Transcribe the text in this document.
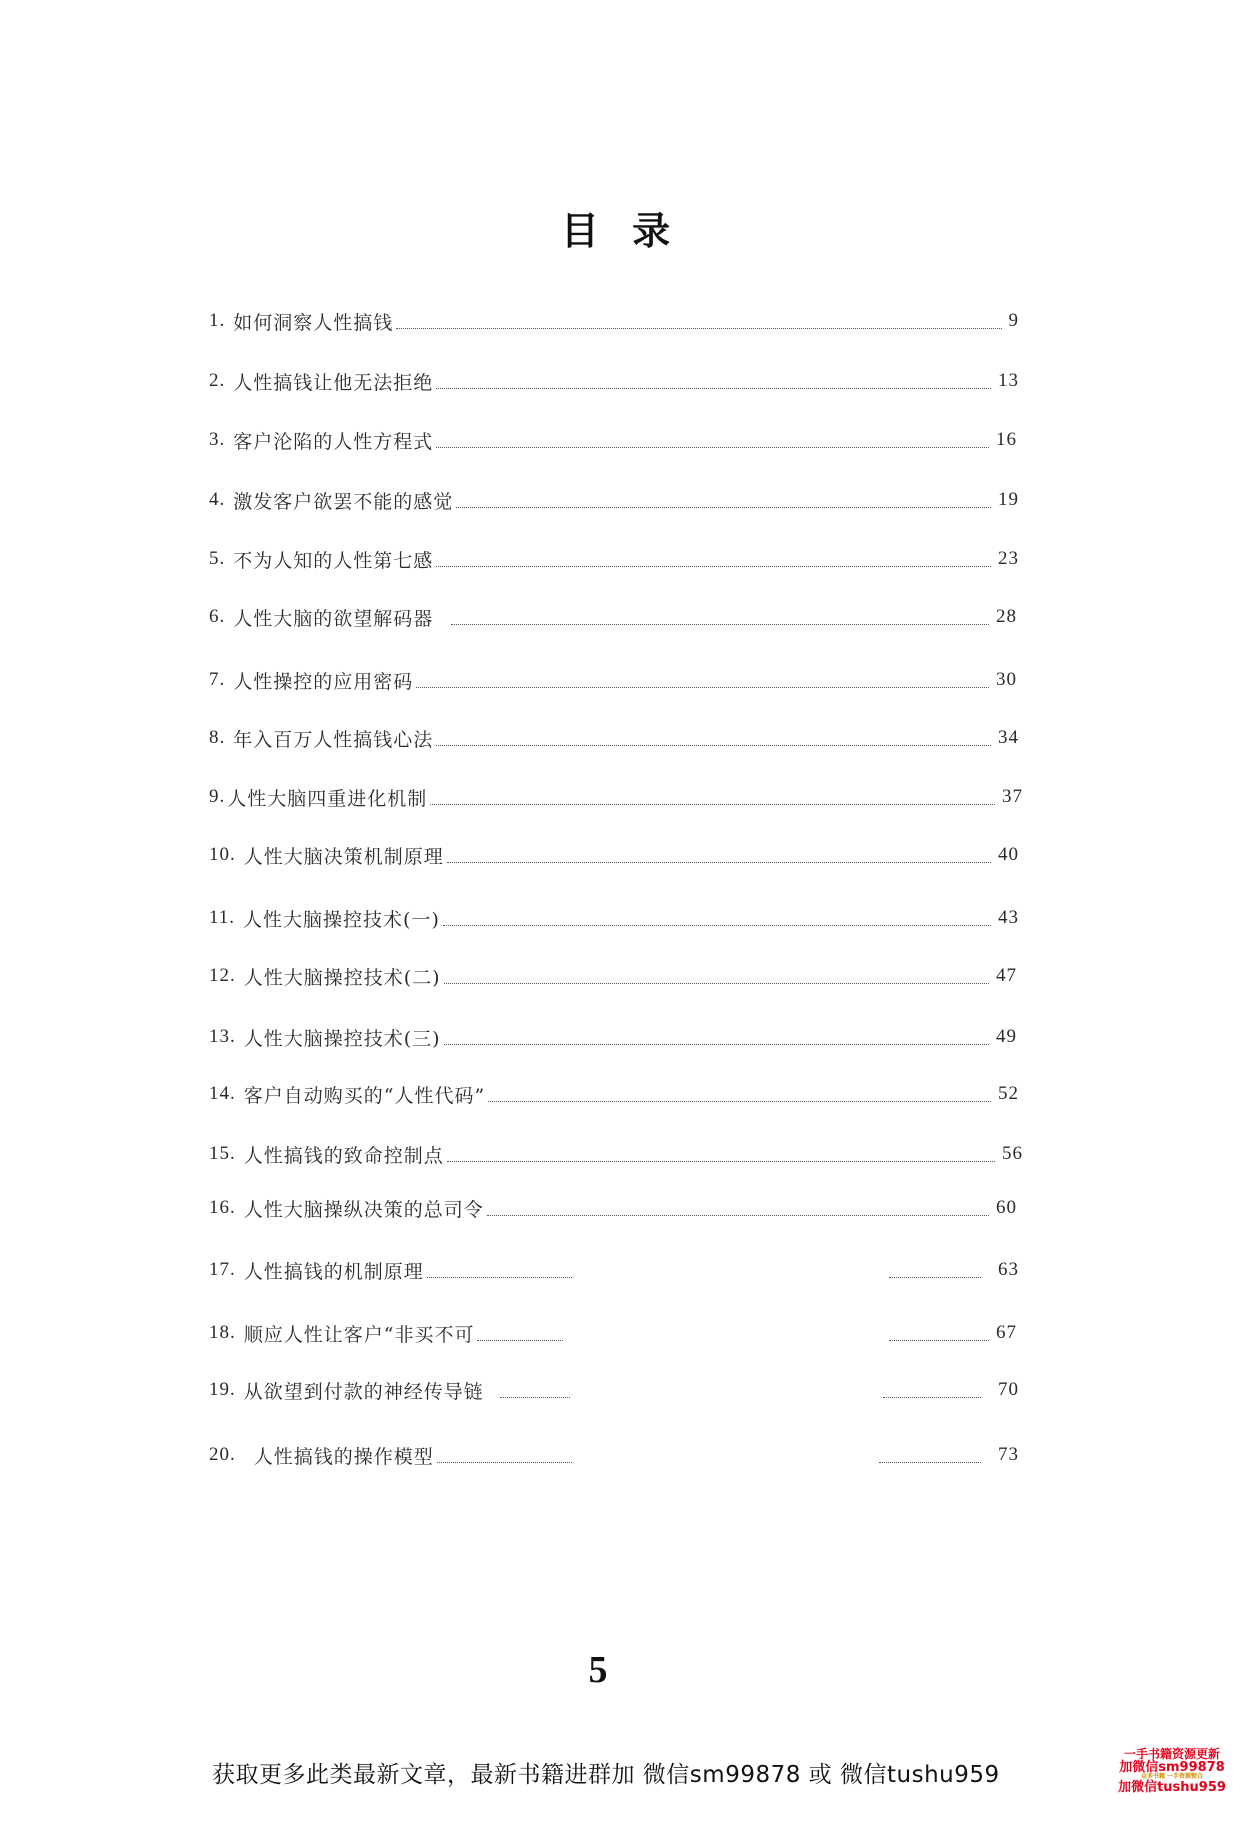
目 录
1. 如何洞察人性搞钱	9
2. 人性搞钱让他无法拒绝	13
3. 客户沦陷的人性方程式	16
4. 激发客户欲罢不能的感觉	19
5. 不为人知的人性第七感	23
6. 人性大脑的欲望解码器	28
7. 人性操控的应用密码	30
8. 年入百万人性搞钱心法	34
9. 人性大脑四重进化机制	37
10. 人性大脑决策机制原理	40
11. 人性大脑操控技术(一)	43
12. 人性大脑操控技术(二)	47
13. 人性大脑操控技术(三)	49
14. 客户自动购买的“人性代码”	52
15. 人性搞钱的致命控制点	56
16. 人性大脑操纵决策的总司令	60
17. 人性搞钱的机制原理	63
18. 顺应人性让客户“非买不可	67
19. 从欲望到付款的神经传导链	70
20. 人性搞钱的操作模型	73
5
获取更多此类最新文章，最新书籍进群加 微信sm99878 或 微信tushu959
一手书籍资源更新
加微信sm99878
众多书籍 一手资源整合
加微信tushu959
